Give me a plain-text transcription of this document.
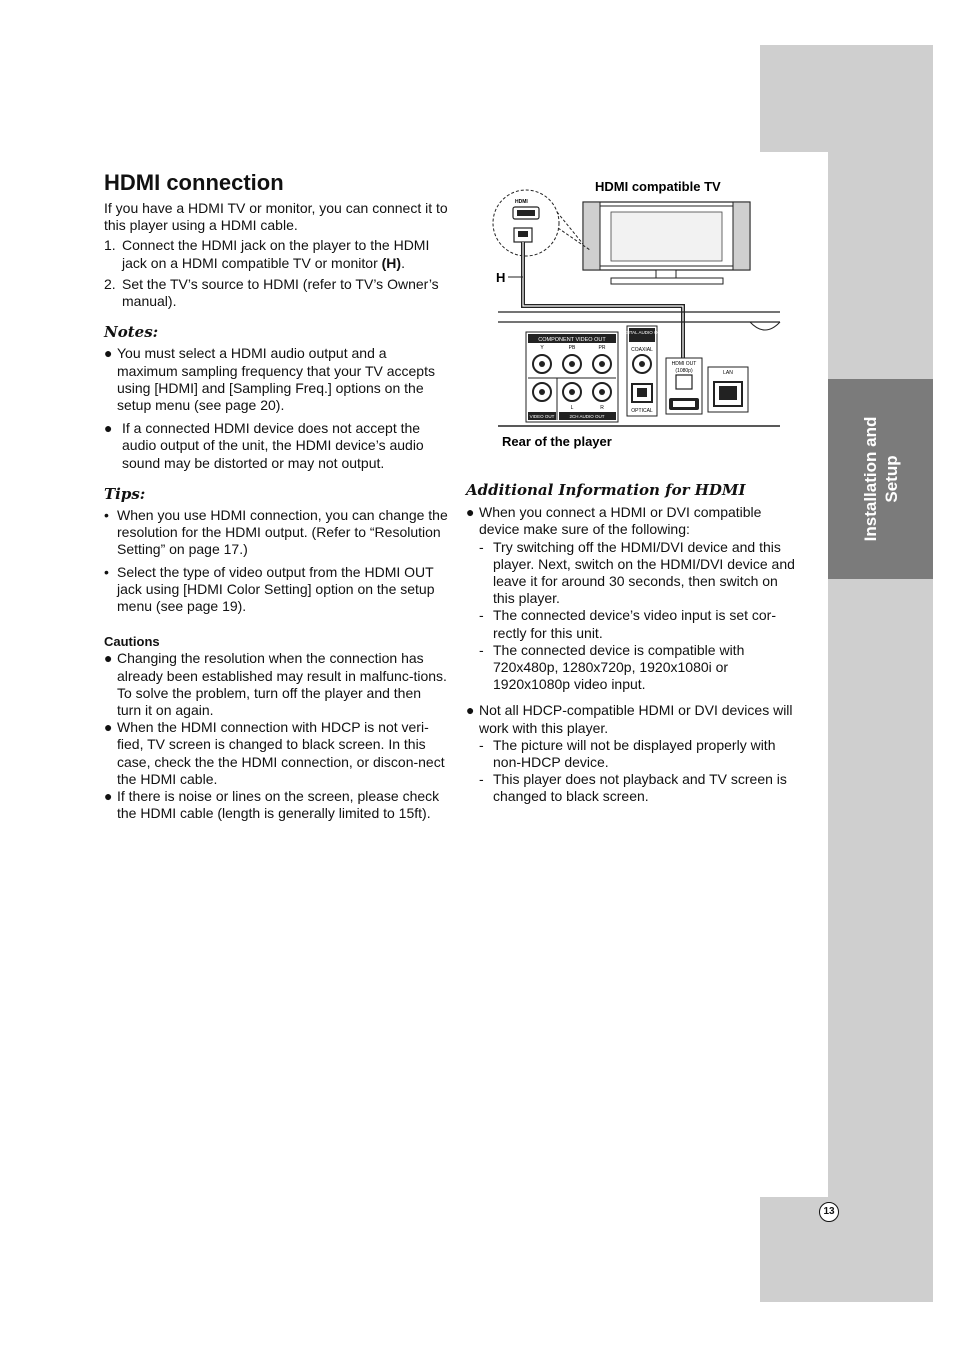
Installation and Setup
13
HDMI connection

If you have a HDMI TV or monitor, you can connect it to this player using a HDMI cable.

1. Connect the HDMI jack on the player to the HDMI jack on a HDMI compatible TV or monitor (H).
2. Set the TV’s source to HDMI (refer to TV’s Owner’s manual).
Notes:
● You must select a HDMI audio output and a maximum sampling frequency that your TV accepts using [HDMI] and [Sampling Freq.] options on the setup menu (see page 20).
● If a connected HDMI device does not accept the audio output of the unit, the HDMI device’s audio sound may be distorted or may not output.
Tips:
• When you use HDMI connection, you can change the resolution for the HDMI output. (Refer to “Resolution Setting” on page 17.)
• Select the type of video output from the HDMI OUT jack using [HDMI Color Setting] option on the setup menu (see page 19).
Cautions
● Changing the resolution when the connection has already been established may result in malfunc-tions. To solve the problem, turn off the player and then turn it on again.
● When the HDMI connection with HDCP is not veri-fied, TV screen is changed to black screen. In this case, check the the HDMI connection, or discon-nect the HDMI cable.
● If there is noise or lines on the screen, please check the HDMI cable (length is generally limited to 15ft).
HDMI compatible TV
HDMI
H
COMPONENT VIDEO OUT
Y	PB	PR
L	R
VIDEO OUT	2CH AUDIO OUT
DIGITAL AUDIO OUT
COAXIAL
OPTICAL
HDMI OUT
(1080p)	LAN
Rear of the player
Additional Information for HDMI
● When you connect a HDMI or DVI compatible device make sure of the following:
- Try switching off the HDMI/DVI device and this player. Next, switch on the HDMI/DVI device and leave it for around 30 seconds, then switch on this player.
- The connected device’s video input is set cor-rectly for this unit.
- The connected device is compatible with 720x480p, 1280x720p, 1920x1080i or 1920x1080p video input.
● Not all HDCP-compatible HDMI or DVI devices will work with this player.
- The picture will not be displayed properly with non-HDCP device.
- This player does not playback and TV screen is changed to black screen.
